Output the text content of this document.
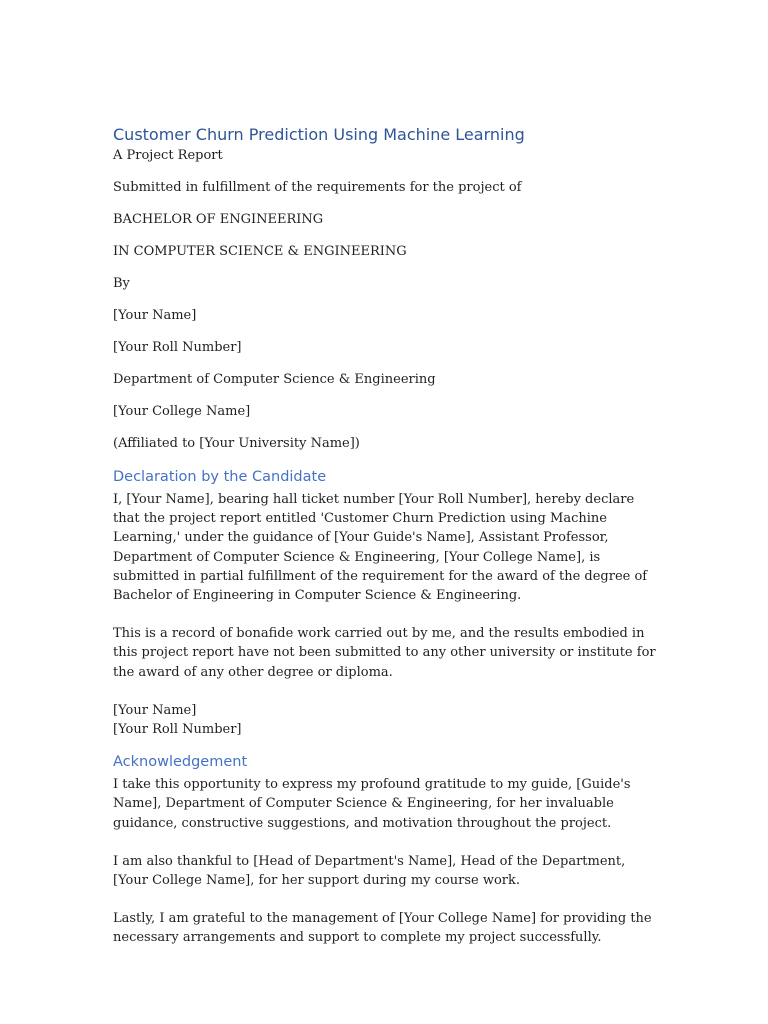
Customer Churn Prediction Using Machine Learning

A Project Report

Submitted in fulfillment of the requirements for the project of

BACHELOR OF ENGINEERING

IN COMPUTER SCIENCE & ENGINEERING

By

[Your Name]

[Your Roll Number]

Department of Computer Science & Engineering

[Your College Name]

(Affiliated to [Your University Name])

Declaration by the Candidate

I, [Your Name], bearing hall ticket number [Your Roll Number], hereby declare that the project report entitled 'Customer Churn Prediction using Machine Learning,' under the guidance of [Your Guide's Name], Assistant Professor, Department of Computer Science & Engineering, [Your College Name], is submitted in partial fulfillment of the requirement for the award of the degree of Bachelor of Engineering in Computer Science & Engineering.

This is a record of bonafide work carried out by me, and the results embodied in this project report have not been submitted to any other university or institute for the award of any other degree or diploma.

[Your Name]

[Your Roll Number]

Acknowledgement

I take this opportunity to express my profound gratitude to my guide, [Guide's Name], Department of Computer Science & Engineering, for her invaluable guidance, constructive suggestions, and motivation throughout the project.

I am also thankful to [Head of Department's Name], Head of the Department, [Your College Name], for her support during my course work.

Lastly, I am grateful to the management of [Your College Name] for providing the necessary arrangements and support to complete my project successfully.
